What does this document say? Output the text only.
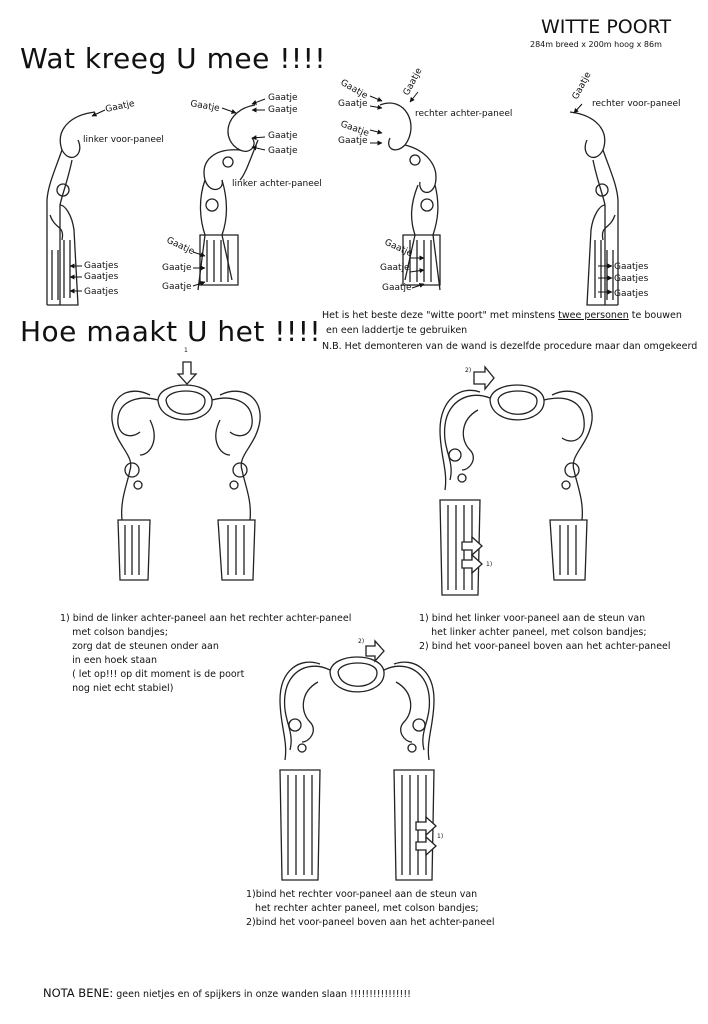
WITTE POORT
284m breed x 200m hoog x 86m
Wat kreeg U mee !!!!
linker voor-paneel
linker achter-paneel
rechter achter-paneel
rechter voor-paneel
Gaatje
Gaatjes
Gaatjes
Gaatjes
Gaatje
Gaatje
Gaatje
Gaatje
Gaatje
Gaatje
Gaatje
Gaatje
Gaatje
Gaatje
Gaatje
Gaatje
Gaatje
Gaatje
Gaatje
Gaatje
Gaatje
Gaatjes
Gaatjes
Gaatjes
Hoe maakt U het !!!! Het is het beste deze "witte poort" met minstens twee personen te bouwen
en een laddertje te gebruiken
N.B. Het demonteren van de wand is dezelfde procedure maar dan omgekeerd
1
2)
1)
1) bind de linker achter-paneel aan het rechter achter-paneel
met colson bandjes;
zorg dat de steunen onder aan
in een hoek staan
( let op!!! op dit moment is de poort
nog niet echt stabiel)
1) bind het linker voor-paneel aan de steun van
het linker achter paneel, met colson bandjes;
2) bind het voor-paneel boven aan het achter-paneel
2)
1)
1)bind het rechter voor-paneel aan de steun van
het rechter achter paneel, met colson bandjes;
2)bind het voor-paneel boven aan het achter-paneel
NOTA BENE: geen nietjes en of spijkers in onze wanden slaan !!!!!!!!!!!!!!!!
